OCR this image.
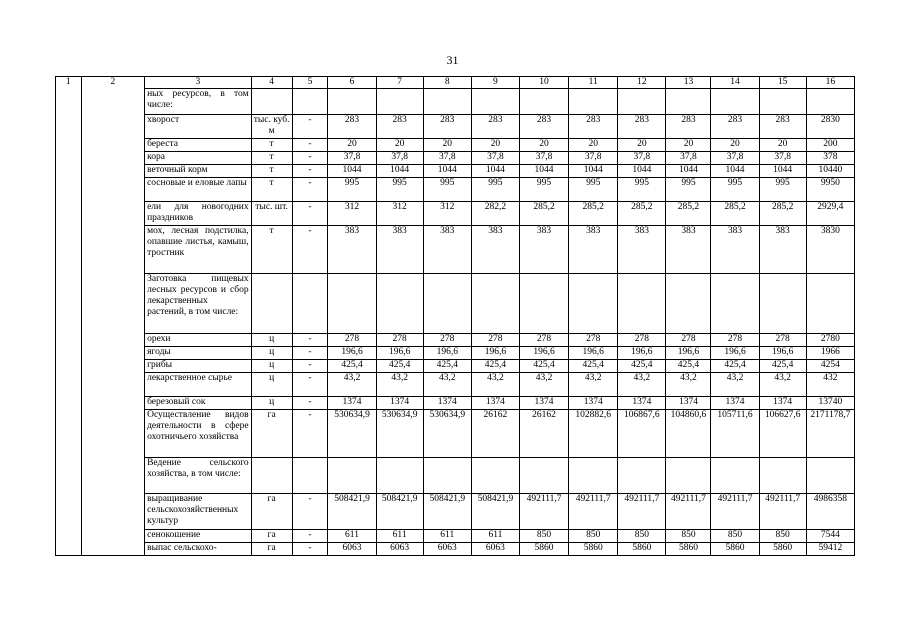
31
1	2	3	4	5	6	7	8	9	10	11	12	13	14	15	16
		ных ресурсов, в том числе:													
		хворост	тыс. куб. м	-	283	283	283	283	283	283	283	283	283	283	2830
		береста	т	-	20	20	20	20	20	20	20	20	20	20	200
		кора	т	-	37,8	37,8	37,8	37,8	37,8	37,8	37,8	37,8	37,8	37,8	378
		веточный корм	т	-	1044	1044	1044	1044	1044	1044	1044	1044	1044	1044	10440
		сосновые и еловые лапы	т	-	995	995	995	995	995	995	995	995	995	995	9950
		ели для новогодних праздников	тыс. шт.	-	312	312	312	282,2	285,2	285,2	285,2	285,2	285,2	285,2	2929,4
		мох, лесная подстилка, опавшие листья, камыш, тростник	т	-	383	383	383	383	383	383	383	383	383	383	3830
		Заготовка пищевых лесных ресурсов и сбор лекарственных растений, в том числе:													
		орехи	ц	-	278	278	278	278	278	278	278	278	278	278	2780
		ягоды	ц	-	196,6	196,6	196,6	196,6	196,6	196,6	196,6	196,6	196,6	196,6	1966
		грибы	ц	-	425,4	425,4	425,4	425,4	425,4	425,4	425,4	425,4	425,4	425,4	4254
		лекарственное сырье	ц	-	43,2	43,2	43,2	43,2	43,2	43,2	43,2	43,2	43,2	43,2	432
		березовый сок	ц	-	1374	1374	1374	1374	1374	1374	1374	1374	1374	1374	13740
		Осуществление видов деятельности в сфере охотничьего хозяйства	га	-	530634,9	530634,9	530634,9	26162	26162	102882,6	106867,6	104860,6	105711,6	106627,6	2171178,7
		Ведение сельского хозяйства, в том числе:													
		выращивание сельскохозяйственных культур	га	-	508421,9	508421,9	508421,9	508421,9	492111,7	492111,7	492111,7	492111,7	492111,7	492111,7	4986358
		сенокошение	га	-	611	611	611	611	850	850	850	850	850	850	7544
		выпас сельскохо-	га	-	6063	6063	6063	6063	5860	5860	5860	5860	5860	5860	59412
